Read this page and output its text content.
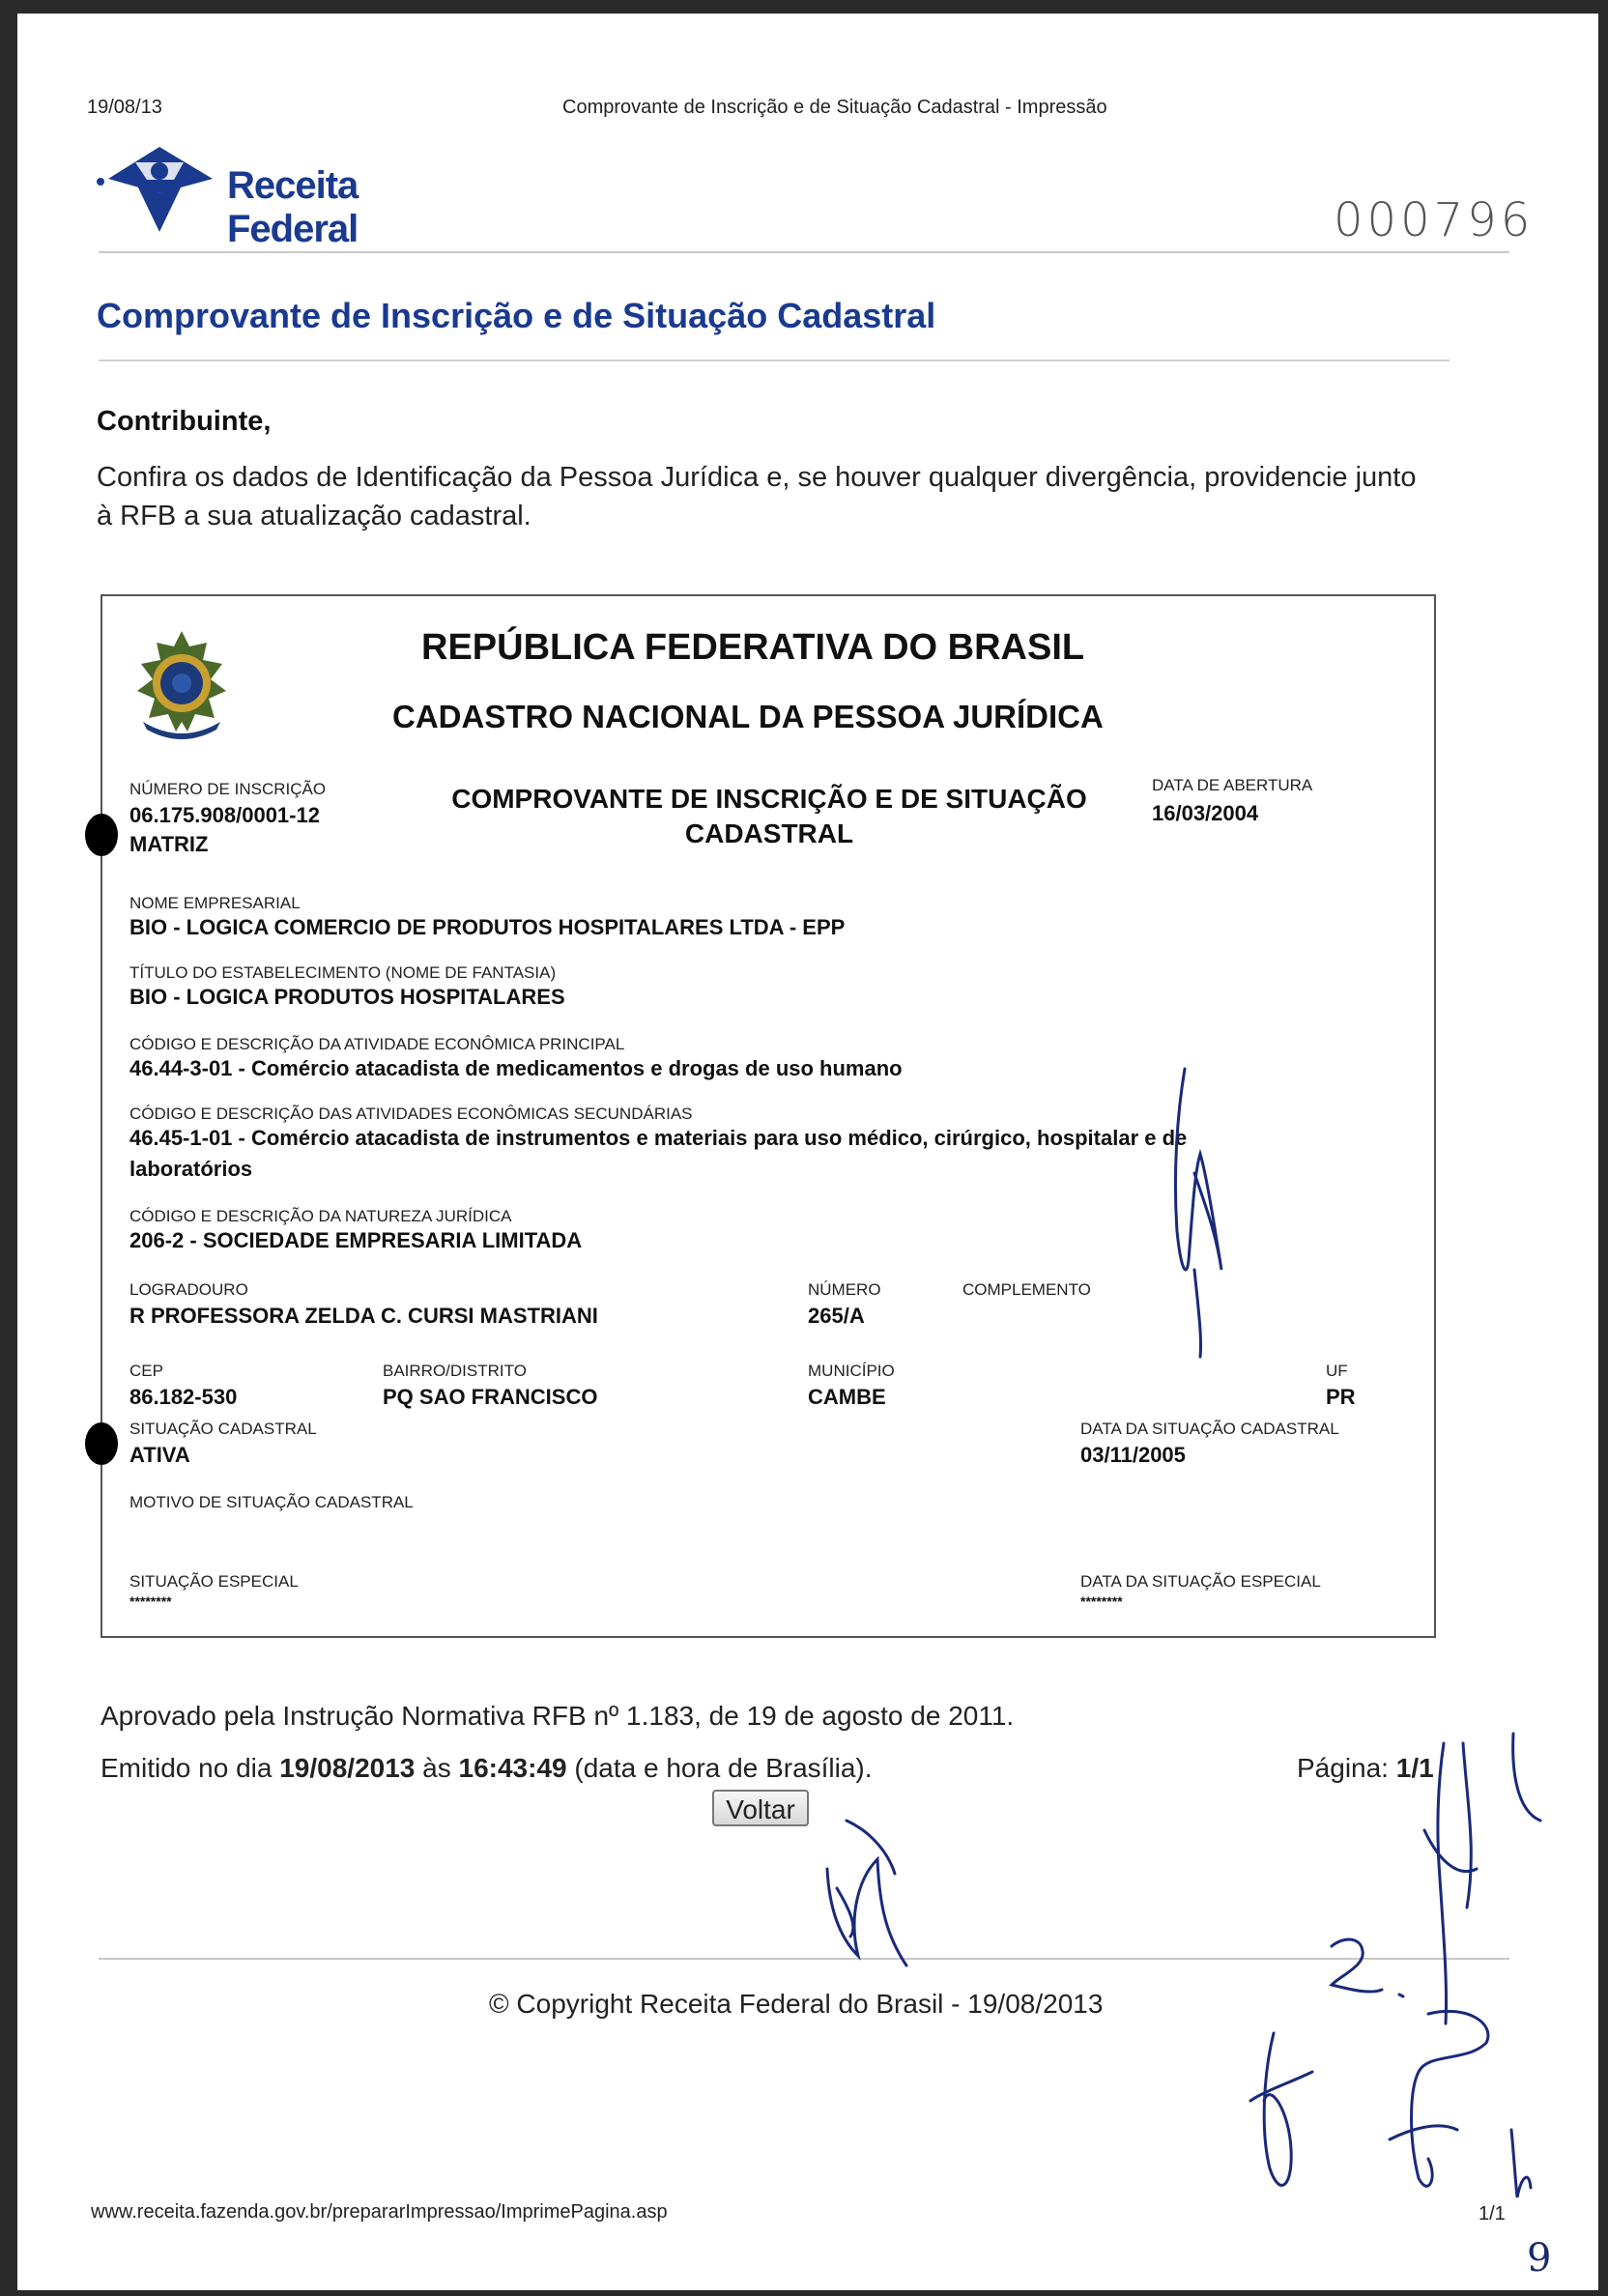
19/08/13	Comprovante de Inscrição e de Situação Cadastral - Impressão
Receita Federal	000796
Comprovante de Inscrição e de Situação Cadastral
Contribuinte,
Confira os dados de Identificação da Pessoa Jurídica e, se houver qualquer divergência, providencie junto à RFB a sua atualização cadastral.
REPÚBLICA FEDERATIVA DO BRASIL
CADASTRO NACIONAL DA PESSOA JURÍDICA
NÚMERO DE INSCRIÇÃO
06.175.908/0001-12
MATRIZ
COMPROVANTE DE INSCRIÇÃO E DE SITUAÇÃO CADASTRAL
DATA DE ABERTURA
16/03/2004
NOME EMPRESARIAL
BIO - LOGICA COMERCIO DE PRODUTOS HOSPITALARES LTDA - EPP
TÍTULO DO ESTABELECIMENTO (NOME DE FANTASIA)
BIO - LOGICA PRODUTOS HOSPITALARES
CÓDIGO E DESCRIÇÃO DA ATIVIDADE ECONÔMICA PRINCIPAL
46.44-3-01 - Comércio atacadista de medicamentos e drogas de uso humano
CÓDIGO E DESCRIÇÃO DAS ATIVIDADES ECONÔMICAS SECUNDÁRIAS
46.45-1-01 - Comércio atacadista de instrumentos e materiais para uso médico, cirúrgico, hospitalar e de
laboratórios
CÓDIGO E DESCRIÇÃO DA NATUREZA JURÍDICA
206-2 - SOCIEDADE EMPRESARIA LIMITADA
LOGRADOURO
R PROFESSORA ZELDA C. CURSI MASTRIANI
NÚMERO
265/A
COMPLEMENTO
CEP
86.182-530
BAIRRO/DISTRITO
PQ SAO FRANCISCO
MUNICÍPIO
CAMBE
UF
PR
SITUAÇÃO CADASTRAL
ATIVA
DATA DA SITUAÇÃO CADASTRAL
03/11/2005
MOTIVO DE SITUAÇÃO CADASTRAL
SITUAÇÃO ESPECIAL
********
DATA DA SITUAÇÃO ESPECIAL
********
Aprovado pela Instrução Normativa RFB nº 1.183, de 19 de agosto de 2011.
Emitido no dia 19/08/2013 às 16:43:49 (data e hora de Brasília).	Página: 1/1
Voltar
© Copyright Receita Federal do Brasil - 19/08/2013
www.receita.fazenda.gov.br/prepararImpressao/ImprimePagina.asp	1/1
9
